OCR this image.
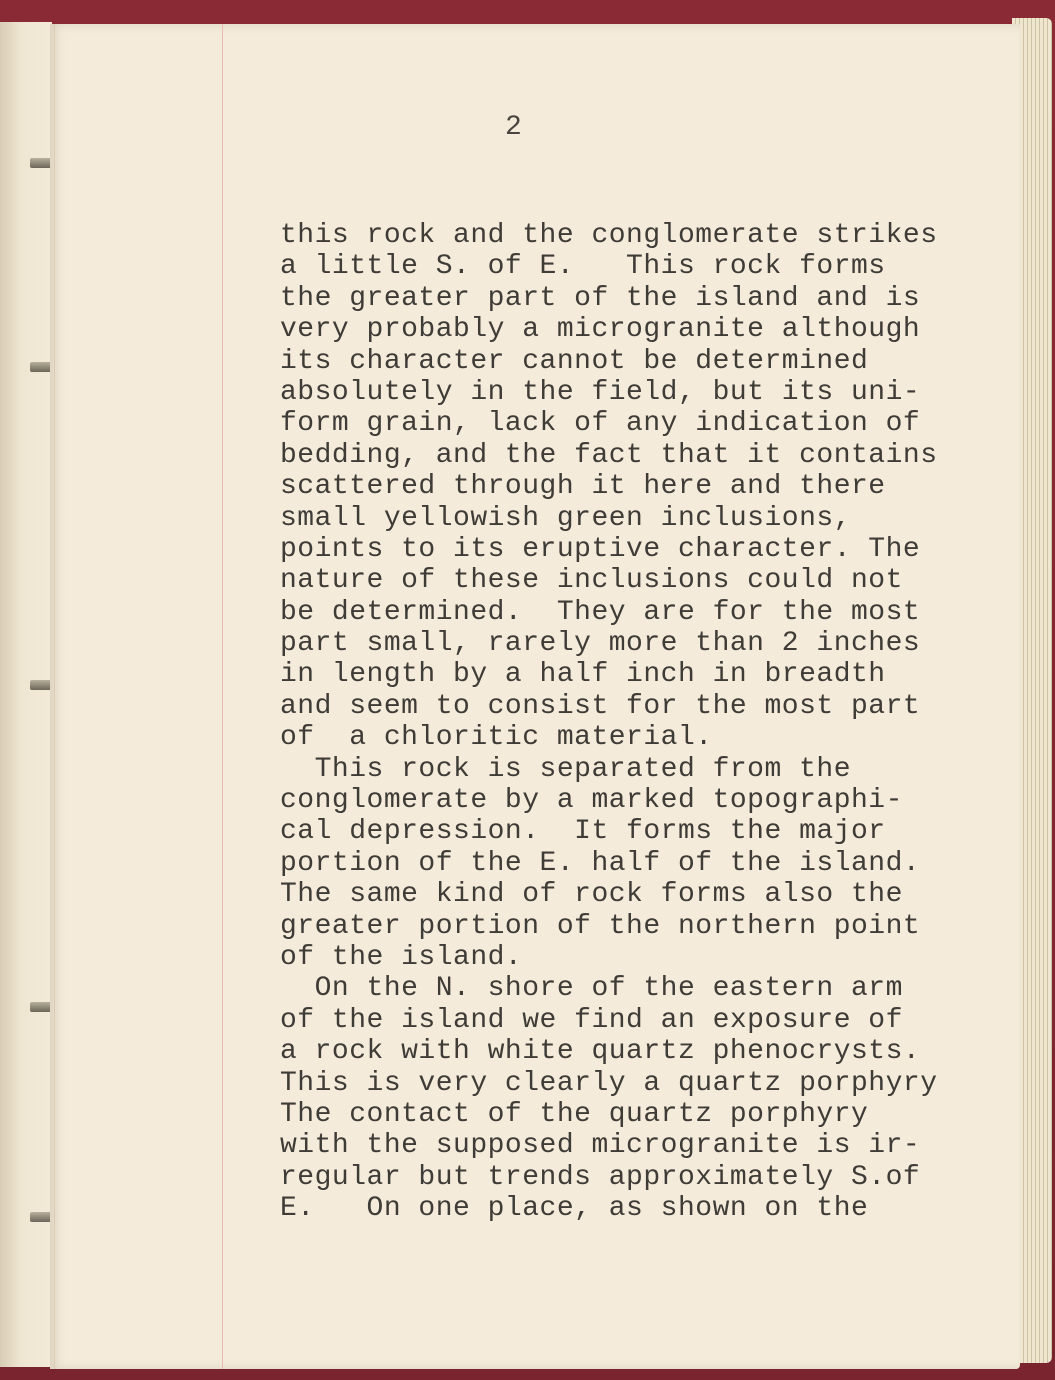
2

this rock and the conglomerate strikes
a little S. of E.   This rock forms
the greater part of the island and is
very probably a microgranite although
its character cannot be determined
absolutely in the field, but its uni-
form grain, lack of any indication of
bedding, and the fact that it contains
scattered through it here and there
small yellowish green inclusions,
points to its eruptive character. The
nature of these inclusions could not
be determined.  They are for the most
part small, rarely more than 2 inches
in length by a half inch in breadth
and seem to consist for the most part
of  a chloritic material.
This rock is separated from the
conglomerate by a marked topographi-
cal depression.  It forms the major
portion of the E. half of the island.
The same kind of rock forms also the
greater portion of the northern point
of the island.
On the N. shore of the eastern arm
of the island we find an exposure of
a rock with white quartz phenocrysts.
This is very clearly a quartz porphyry
The contact of the quartz porphyry
with the supposed microgranite is ir-
regular but trends approximately S.of
E.   On one place, as shown on the
